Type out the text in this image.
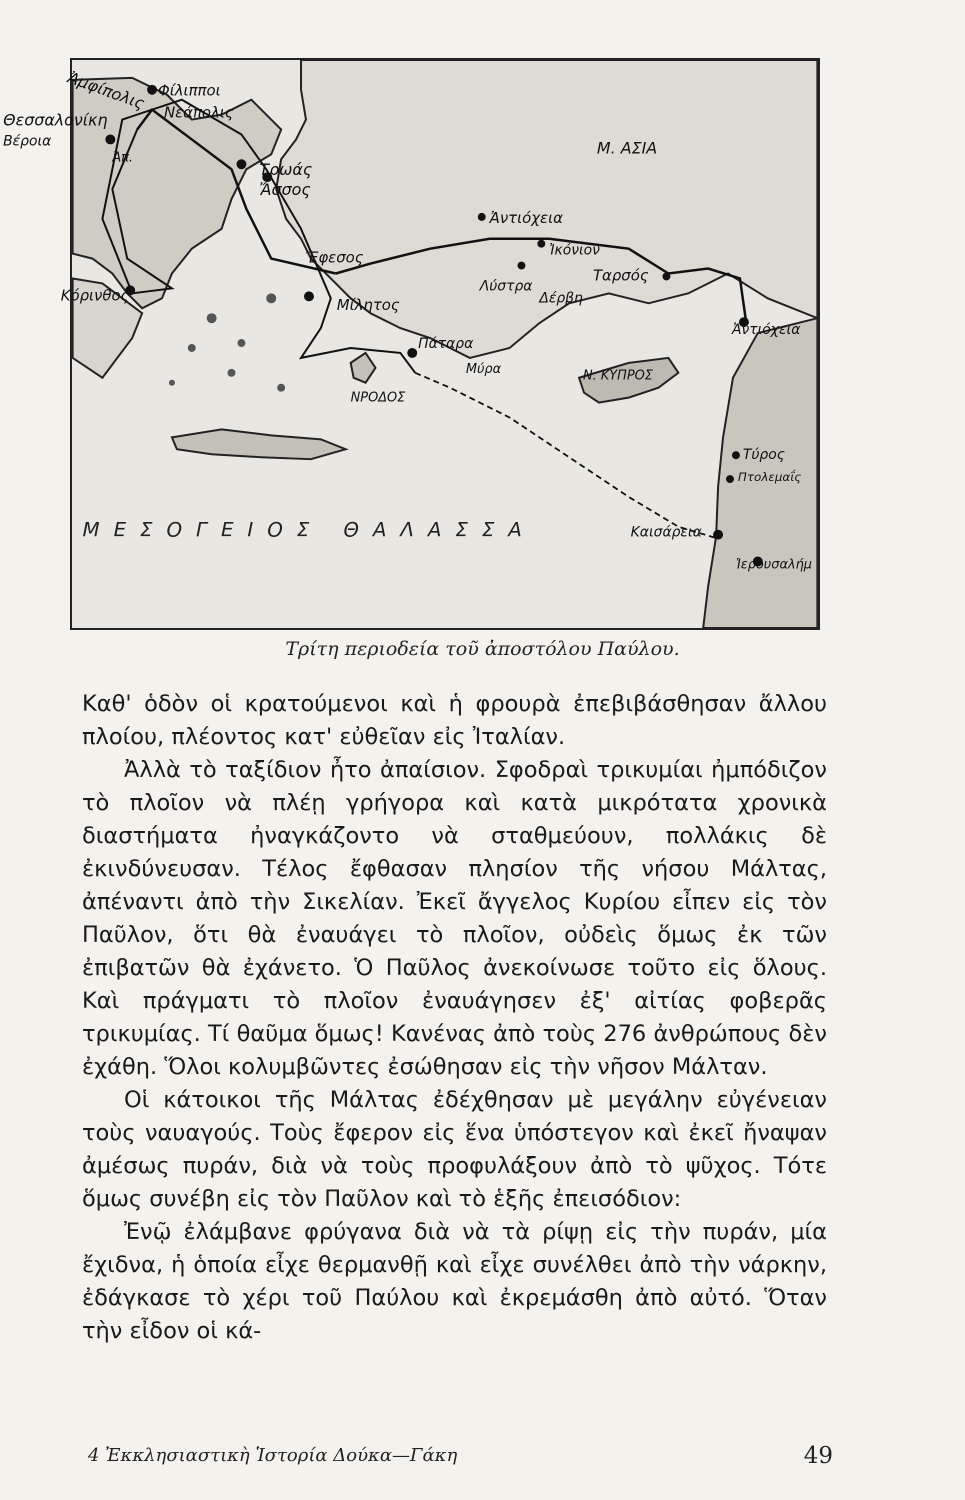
Ἀμφίπολις
Θεσσαλονίκη
Βέροια
Φίλιπποι
Νεάπολις
Ἀπ.
Τρωάς
Ἄσσος
Μ. ΑΣΙΑ
Ἀντιόχεια
Ἰκόνιον
Λύστρα
Ταρσός
Δέρβη
Ἔφεσος
Μίλητος
Κόρινθος
Πάταρα
Μύρα
ΝΡΟΔΟΣ
Ν. ΚΥΠΡΟΣ
Ἀντιόχεια
Τύρος
Πτολεμαΐς
Καισάρεια
Ἱερουσαλήμ
ΜΕΣΟΓΕΙΟΣ ΘΑΛΑΣΣΑ
Τρίτη περιοδεία τοῦ ἀποστόλου Παύλου.

Καθ' ὁδὸν οἱ κρατούμενοι καὶ ἡ φρουρὰ ἐπεβιβάσθησαν ἄλλου πλοίου, πλέοντος κατ' εὐθεῖαν εἰς Ἰταλίαν.

Ἀλλὰ τὸ ταξίδιον ἦτο ἀπαίσιον. Σφοδραὶ τρικυμίαι ἠμπόδιζον τὸ πλοῖον νὰ πλέῃ γρήγορα καὶ κατὰ μικρότατα χρονικὰ διαστήματα ἠναγκάζοντο νὰ σταθμεύουν, πολλάκις δὲ ἐκινδύνευσαν. Τέλος ἔφθασαν πλησίον τῆς νήσου Μάλτας, ἀπέναντι ἀπὸ τὴν Σικελίαν. Ἐκεῖ ἄγγελος Κυρίου εἶπεν εἰς τὸν Παῦλον, ὅτι θὰ ἐναυάγει τὸ πλοῖον, οὐδεὶς ὅμως ἐκ τῶν ἐπιβατῶν θὰ ἐχάνετο. Ὁ Παῦλος ἀνεκοίνωσε τοῦτο εἰς ὅλους. Καὶ πράγματι τὸ πλοῖον ἐναυάγησεν ἐξ' αἰτίας φοβερᾶς τρικυμίας. Τί θαῦμα ὅμως! Κανένας ἀπὸ τοὺς 276 ἀνθρώπους δὲν ἐχάθη. Ὅλοι κολυμβῶντες ἐσώθησαν εἰς τὴν νῆσον Μάλταν.

Οἱ κάτοικοι τῆς Μάλτας ἐδέχθησαν μὲ μεγάλην εὐγένειαν τοὺς ναυαγούς. Τοὺς ἔφερον εἰς ἕνα ὑπόστεγον καὶ ἐκεῖ ἤναψαν ἀμέσως πυράν, διὰ νὰ τοὺς προφυλάξουν ἀπὸ τὸ ψῦχος. Τότε ὅμως συνέβη εἰς τὸν Παῦλον καὶ τὸ ἑξῆς ἐπεισόδιον:

Ἐνῷ ἐλάμβανε φρύγανα διὰ νὰ τὰ ρίψῃ εἰς τὴν πυράν, μία ἔχιδνα, ἡ ὁποία εἶχε θερμανθῇ καὶ εἶχε συνέλθει ἀπὸ τὴν νάρκην, ἐδάγκασε τὸ χέρι τοῦ Παύλου καὶ ἐκρεμάσθη ἀπὸ αὐτό. Ὅταν τὴν εἶδον οἱ κά-

4 Ἐκκλησιαστικὴ Ἱστορία Δούκα—Γάκη	49
